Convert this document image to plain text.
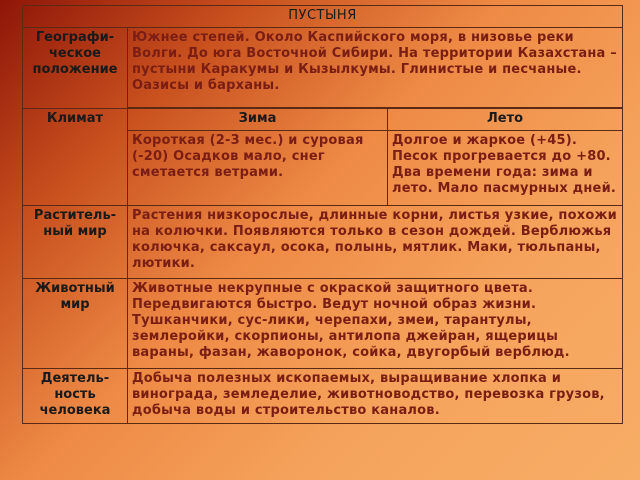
ПУСТЫНЯ		
Географи-ческое положение	Южнее степей. Около Каспийского моря, в низовье реки Волги. До юга Восточной Сибири. На территории Казахстана – пустыни Каракумы и Кызылкумы. Глинистые и песчаные. Оазисы и барханы.	

Климат	Зима	Лето
	Короткая (2-3 мес.) и суровая (-20) Осадков мало, снег сметается ветрами.	Долгое и жаркое (+45). Песок прогревается до +80. Два времени года: зима и лето. Мало пасмурных дней.
Раститель-ный мир	Растения низкорослые, длинные корни, листья узкие, похожи на колючки. Появляются только в сезон дождей. Верблюжья колючка, саксаул, осока, полынь, мятлик. Маки, тюльпаны, лютики.	
Животный мир	Животные некрупные с окраской защитного цвета. Передвигаются быстро. Ведут ночной образ жизни. Тушканчики, сус-лики, черепахи, змеи, тарантулы, землеройки, скорпионы, антилопа джейран, ящерицы вараны, фазан, жаворонок, сойка, двугорбый верблюд.	
Деятель-ность человека	Добыча полезных ископаемых, выращивание хлопка и винограда, земледелие, животноводство, перевозка грузов, добыча воды и строительство каналов.	
